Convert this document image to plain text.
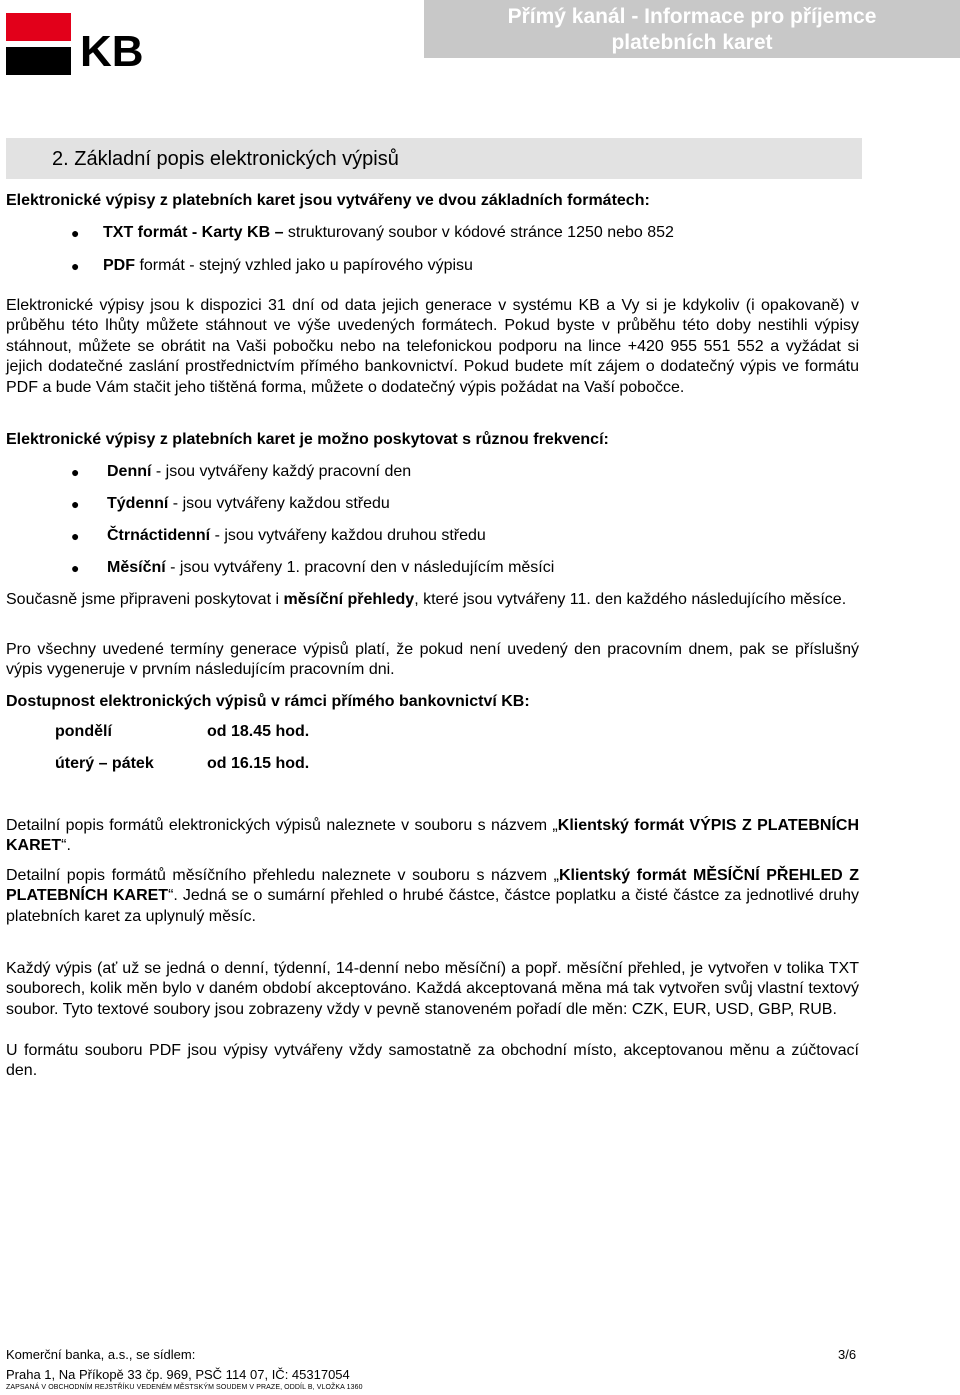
KB
Přímý kanál - Informace pro příjemce
platebních karet
2. Základní popis elektronických výpisů
Elektronické výpisy z platebních karet jsou vytvářeny ve dvou základních formátech:
● TXT formát - Karty KB – strukturovaný soubor v kódové stránce 1250 nebo 852
● PDF formát - stejný vzhled jako u papírového výpisu
Elektronické výpisy jsou k dispozici 31 dní od data jejich generace v systému KB a Vy si je kdykoliv (i opakovaně) v průběhu této lhůty můžete stáhnout ve výše uvedených formátech. Pokud byste v průběhu této doby nestihli výpisy stáhnout, můžete se obrátit na Vaši pobočku nebo na telefonickou podporu na lince +420 955 551 552 a vyžádat si jejich dodatečné zaslání prostřednictvím přímého bankovnictví. Pokud budete mít zájem o dodatečný výpis ve formátu PDF a bude Vám stačit jeho tištěná forma, můžete o dodatečný výpis požádat na Vaší pobočce.
Elektronické výpisy z platebních karet je možno poskytovat s různou frekvencí:
● Denní - jsou vytvářeny každý pracovní den
● Týdenní - jsou vytvářeny každou středu
● Čtrnáctidenní - jsou vytvářeny každou druhou středu
● Měsíční - jsou vytvářeny 1. pracovní den v následujícím měsíci
Současně jsme připraveni poskytovat i měsíční přehledy, které jsou vytvářeny 11. den každého následujícího měsíce.
Pro všechny uvedené termíny generace výpisů platí, že pokud není uvedený den pracovním dnem, pak se příslušný výpis vygeneruje v prvním následujícím pracovním dni.
Dostupnost elektronických výpisů v rámci přímého bankovnictví KB:
pondělí	od 18.45 hod.
úterý – pátek	od 16.15 hod.
Detailní popis formátů elektronických výpisů naleznete v souboru s názvem „Klientský formát VÝPIS Z PLATEBNÍCH KARET“.
Detailní popis formátů měsíčního přehledu naleznete v souboru s názvem „Klientský formát MĚSÍČNÍ PŘEHLED Z PLATEBNÍCH KARET“. Jedná se o sumární přehled o hrubé částce, částce poplatku a čisté částce za jednotlivé druhy platebních karet za uplynulý měsíc.
Každý výpis (ať už se jedná o denní, týdenní, 14-denní nebo měsíční) a popř. měsíční přehled, je vytvořen v tolika TXT souborech, kolik měn bylo v daném období akceptováno. Každá akceptovaná měna má tak vytvořen svůj vlastní textový soubor. Tyto textové soubory jsou zobrazeny vždy v pevně stanoveném pořadí dle měn: CZK, EUR, USD, GBP, RUB.
U formátu souboru PDF jsou výpisy vytvářeny vždy samostatně za obchodní místo, akceptovanou měnu a zúčtovací den.
Komerční banka, a.s., se sídlem:
Praha 1, Na Příkopě 33 čp. 969, PSČ 114 07, IČ: 45317054
ZAPSANÁ V OBCHODNÍM REJSTŘÍKU VEDENÉM MĚSTSKÝM SOUDEM V PRAZE, ODDÍL B, VLOŽKA 1360
3/6
